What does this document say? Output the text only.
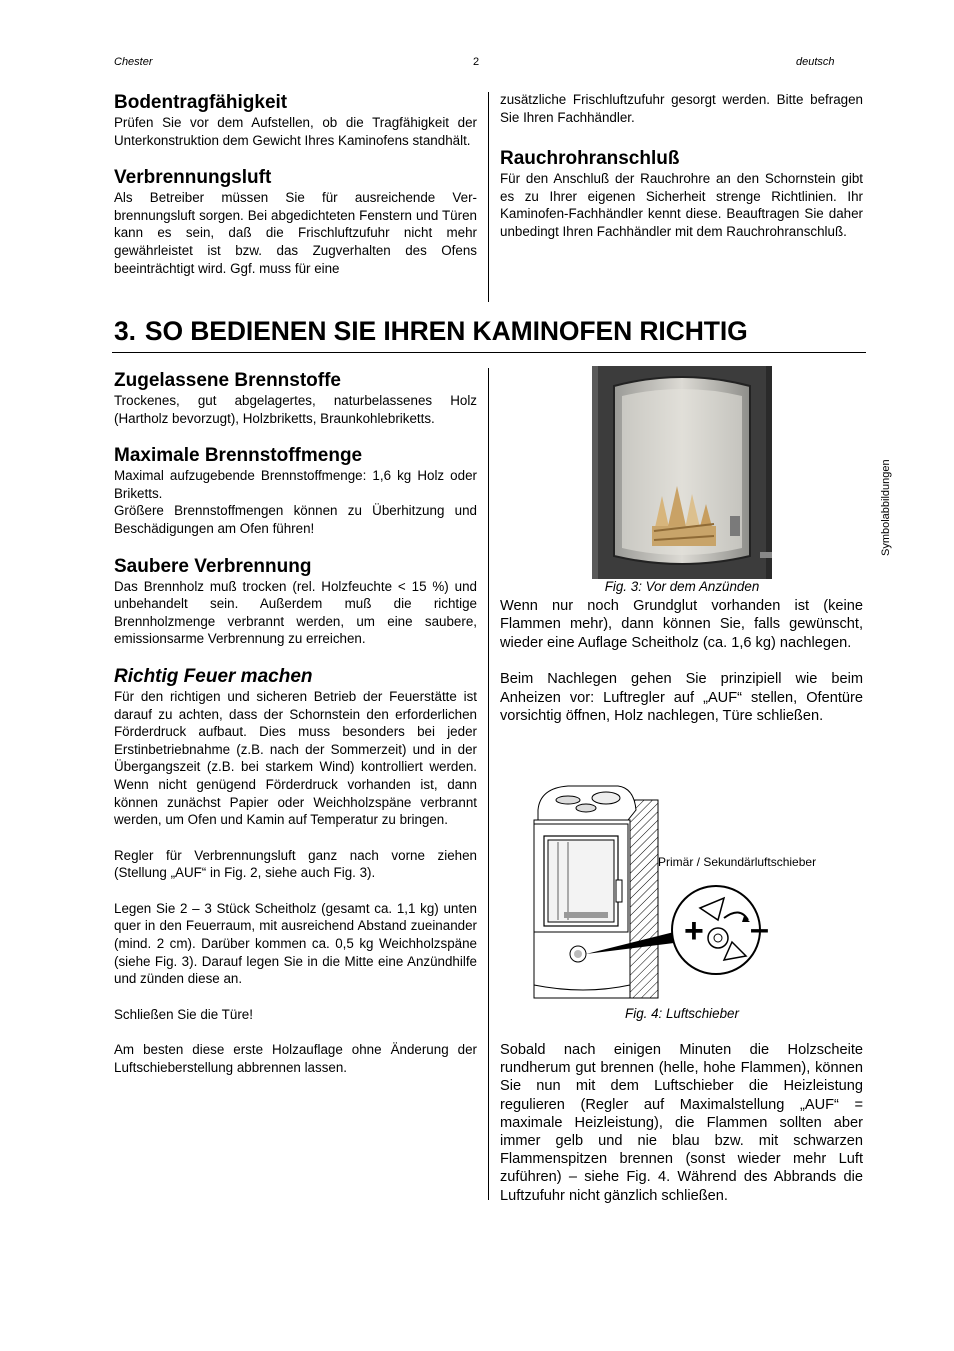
Chester	2	deutsch
Bodentragfähigkeit

Prüfen Sie vor dem Aufstellen, ob die Tragfähigkeit der Unterkonstruktion dem Gewicht Ihres Kaminofens standhält.

Verbrennungsluft

Als Betreiber müssen Sie für ausreichende Ver-brennungsluft sorgen. Bei abgedichteten Fenstern und Türen kann es sein, daß die Frischluftzufuhr nicht mehr gewährleistet ist bzw. das Zugverhalten des Ofens beeinträchtigt wird. Ggf. muss für eine

zusätzliche Frischluftzufuhr gesorgt werden. Bitte befragen Sie Ihren Fachhändler.

Rauchrohranschluß

Für den Anschluß der Rauchrohre an den Schornstein gibt es zu Ihrer eigenen Sicherheit strenge Richtlinien. Ihr Kaminofen-Fachhändler kennt diese. Beauftragen Sie daher unbedingt Ihren Fachhändler mit dem Rauchrohranschluß.

3. SO BEDIENEN SIE IHREN KAMINOFEN RICHTIG
Zugelassene Brennstoffe

Trockenes, gut abgelagertes, naturbelassenes Holz (Hartholz bevorzugt), Holzbriketts, Braunkohlebriketts.

Maximale Brennstoffmenge

Maximal aufzugebende Brennstoffmenge: 1,6 kg Holz oder Briketts.

Größere Brennstoffmengen können zu Überhitzung und Beschädigungen am Ofen führen!

Saubere Verbrennung

Das Brennholz muß trocken (rel. Holzfeuchte < 15 %) und unbehandelt sein. Außerdem muß die richtige Brennholzmenge verbrannt werden, um eine saubere, emissionsarme Verbrennung zu erreichen.

Richtig Feuer machen

Für den richtigen und sicheren Betrieb der Feuerstätte ist darauf zu achten, dass der Schornstein den erforderlichen Förderdruck aufbaut. Dies muss besonders bei jeder Erstinbetriebnahme (z.B. nach der Sommerzeit) und in der Übergangszeit (z.B. bei starkem Wind) kontrolliert werden. Wenn nicht genügend Förderdruck vorhanden ist, dann können zunächst Papier oder Weichholzspäne verbrannt werden, um Ofen und Kamin auf Temperatur zu bringen.

Regler für Verbrennungsluft ganz nach vorne ziehen (Stellung „AUF“ in Fig. 2, siehe auch Fig. 3).

Legen Sie 2 – 3 Stück Scheitholz (gesamt ca. 1,1 kg) unten quer in den Feuerraum, mit ausreichend Abstand zueinander (mind. 2 cm). Darüber kommen ca. 0,5 kg Weichholzspäne (siehe Fig. 3). Darauf legen Sie in die Mitte eine Anzündhilfe und zünden diese an.

Schließen Sie die Türe!

Am besten diese erste Holzauflage ohne Änderung der Luftschieberstellung abbrennen lassen.

Fig. 3: Vor dem Anzünden

Wenn nur noch Grundglut vorhanden ist (keine Flammen mehr), dann können Sie, falls gewünscht, wieder eine Auflage Scheitholz (ca. 1,6 kg) nachlegen.

Beim Nachlegen gehen Sie prinzipiell wie beim Anheizen vor: Luftregler auf „AUF“ stellen, Ofentüre vorsichtig öffnen, Holz nachlegen, Türe schließen.

+ –
Primär / Sekundärluftschieber
Fig. 4: Luftschieber

Sobald nach einigen Minuten die Holzscheite rundherum gut brennen (helle, hohe Flammen), können Sie nun mit dem Luftschieber die Heizleistung regulieren (Regler auf Maximalstellung „AUF“ = maximale Heizleistung), die Flammen sollten aber immer gelb und nie blau bzw. mit schwarzen Flammenspitzen brennen (sonst wieder mehr Luft zuführen) – siehe Fig. 4. Während des Abbrands die Luftzufuhr nicht gänzlich schließen.

Symbolabbildungen
